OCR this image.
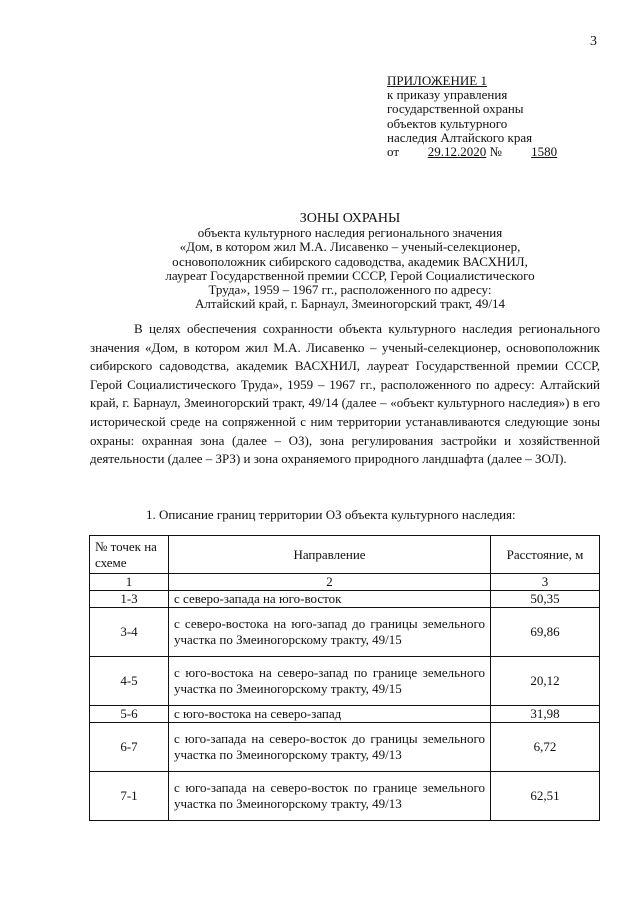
3
ПРИЛОЖЕНИЕ 1
к приказу управления
государственной охраны
объектов культурного
наследия Алтайского края
от 29.12.2020 № 1580
ЗОНЫ ОХРАНЫ
объекта культурного наследия регионального значения
«Дом, в котором жил М.А. Лисавенко – ученый-селекционер,
основоположник сибирского садоводства, академик ВАСХНИЛ,
лауреат Государственной премии СССР, Герой Социалистического
Труда», 1959 – 1967 гг., расположенного по адресу:
Алтайский край, г. Барнаул, Змеиногорский тракт, 49/14

В целях обеспечения сохранности объекта культурного наследия регионального значения «Дом, в котором жил М.А. Лисавенко – ученый-селекционер, основоположник сибирского садоводства, академик ВАСХНИЛ, лауреат Государственной премии СССР, Герой Социалистического Труда», 1959 – 1967 гг., расположенного по адресу: Алтайский край, г. Барнаул, Змеиногорский тракт, 49/14 (далее – «объект культурного наследия») в его исторической среде на сопряженной с ним территории устанавливаются следующие зоны охраны: охранная зона (далее – ОЗ), зона регулирования застройки и хозяйственной деятельности (далее – ЗРЗ) и зона охраняемого природного ландшафта (далее – ЗОЛ).

1. Описание границ территории ОЗ объекта культурного наследия:
№ точек на схеме	Направление	Расстояние, м
1	2	3
1-3	с северо-запада на юго-восток	50,35
3-4	с северо-востока на юго-запад до границы земельного участка по Змеиногорскому тракту, 49/15	69,86
4-5	с юго-востока на северо-запад по границе земельного участка по Змеиногорскому тракту, 49/15	20,12
5-6	с юго-востока на северо-запад	31,98
6-7	с юго-запада на северо-восток до границы земельного участка по Змеиногорскому тракту, 49/13	6,72
7-1	с юго-запада на северо-восток по границе земельного участка по Змеиногорскому тракту, 49/13	62,51
